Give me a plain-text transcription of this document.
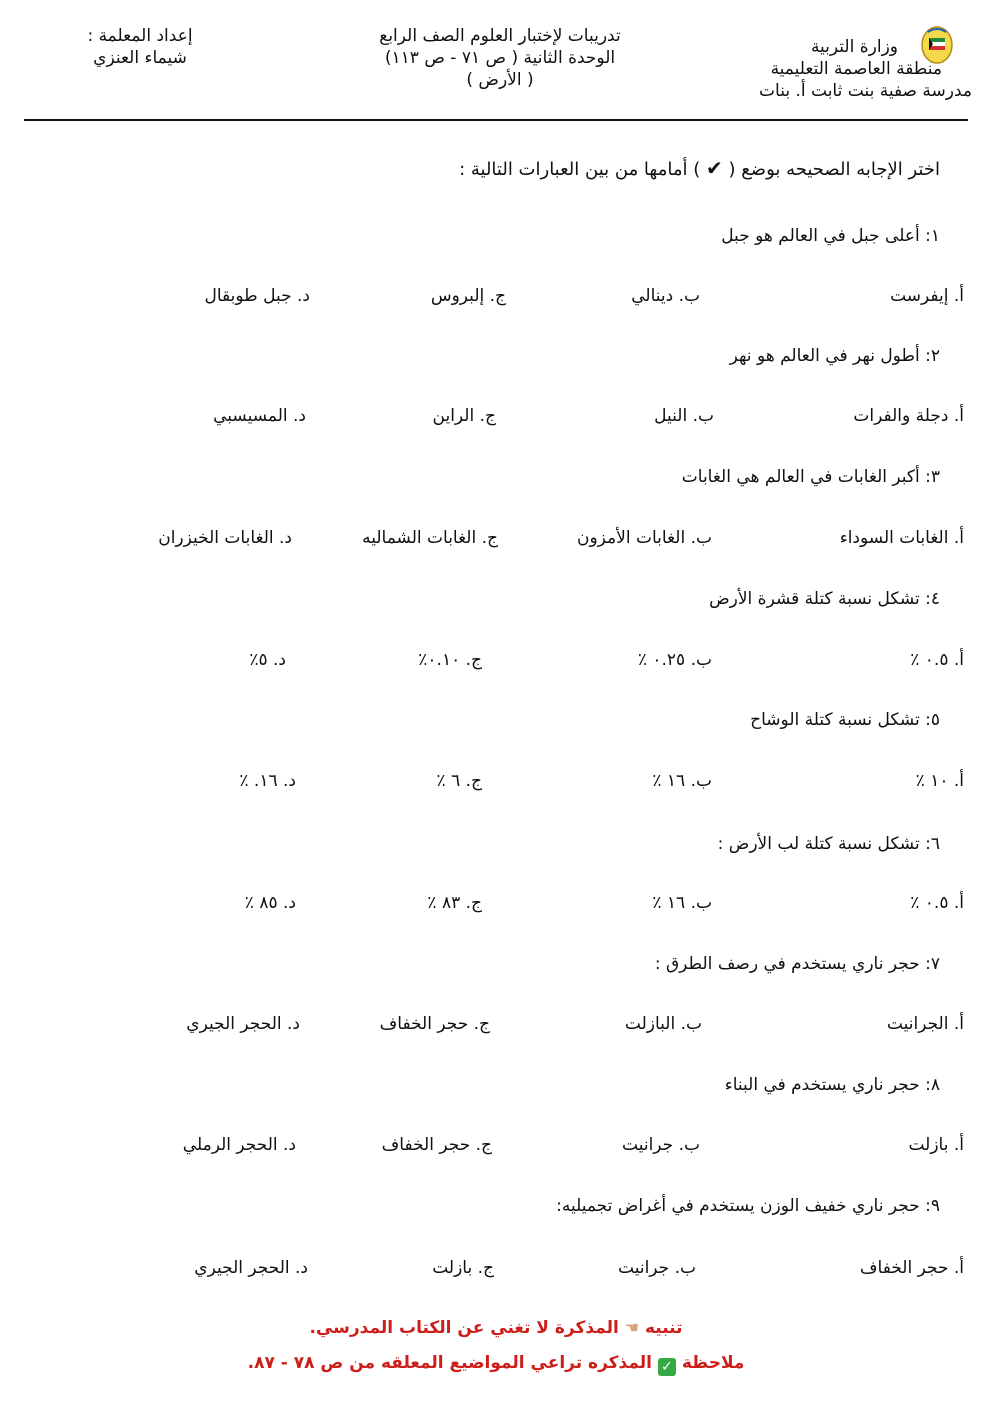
وزارة التربية
منطقة العاصمة التعليمية
مدرسة صفية بنت ثابت أ. بنات
تدريبات لإختبار العلوم الصف الرابع
الوحدة الثانية ( ص ٧١ - ص ١١٣)
( الأرض )
إعداد المعلمة :
شيماء العنزي
اختر الإجابه الصحيحه بوضع ( ✔ ) أمامها من بين العبارات التالية :
١: أعلى جبل في العالم هو جبل
أ. إيفرست
ب. دينالي
ج. إلبروس
د. جبل طوبقال
٢: أطول نهر في العالم هو نهر
أ. دجلة والفرات
ب. النيل
ج. الراين
د. المسيسبي
٣: أكبر الغابات في العالم هي الغابات
أ. الغابات السوداء
ب. الغابات الأمزون
ج. الغابات الشماليه
د. الغابات الخيزران
٤: تشكل نسبة كتلة قشرة الأرض
أ. ٠.٥ ٪
ب. ٠.٢٥ ٪
ج. ٠.١٠٪
د. ٥٪
٥: تشكل نسبة كتلة الوشاح
أ. ١٠ ٪
ب. ١٦ ٪
ج. ٦ ٪
د. ١٦. ٪
٦: تشكل نسبة كتلة لب الأرض :
أ. ٠.٥ ٪
ب. ١٦ ٪
ج. ٨٣ ٪
د. ٨٥ ٪
٧: حجر ناري يستخدم في رصف الطرق :
أ. الجرانيت
ب. البازلت
ج. حجر الخفاف
د. الحجر الجيري
٨: حجر ناري يستخدم في البناء
أ. بازلت
ب. جرانيت
ج. حجر الخفاف
د. الحجر الرملي
٩: حجر ناري خفيف الوزن يستخدم في أغراض تجميليه:
أ. حجر الخفاف
ب. جرانيت
ج. بازلت
د. الحجر الجيري
تنبيه ☚ المذكرة لا تغني عن الكتاب المدرسي.
ملاحظة ✓ المذكره تراعي المواضيع المعلقه من ص ٧٨ - ٨٧.
